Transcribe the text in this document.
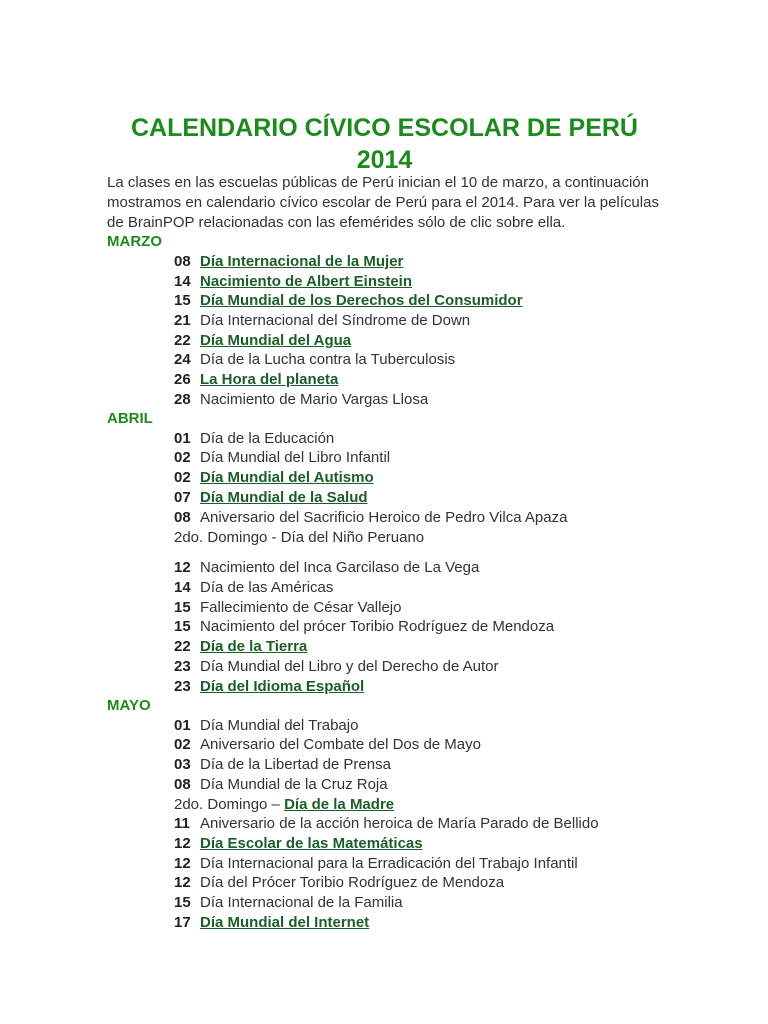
CALENDARIO CÍVICO ESCOLAR DE PERÚ 2014
La clases en las escuelas públicas de Perú inician el 10 de marzo, a continuación mostramos en calendario cívico escolar de Perú para el 2014. Para ver la películas de BrainPOP relacionadas con las efemérides sólo de clic sobre ella.
MARZO
08 Día Internacional de la Mujer
14 Nacimiento de Albert Einstein
15 Día Mundial de los Derechos del Consumidor
21 Día Internacional del Síndrome de Down
22 Día Mundial del Agua
24 Día de la Lucha contra la Tuberculosis
26 La Hora del planeta
28 Nacimiento de Mario Vargas Llosa
ABRIL
01 Día de la Educación
02 Día Mundial del Libro Infantil
02 Día Mundial del Autismo
07 Día Mundial de la Salud
08 Aniversario del Sacrificio Heroico de Pedro Vilca Apaza
2do. Domingo - Día del Niño Peruano
12 Nacimiento del Inca Garcilaso de La Vega
14 Día de las Américas
15 Fallecimiento de César Vallejo
15 Nacimiento del prócer Toribio Rodríguez de Mendoza
22 Día de la Tierra
23 Día Mundial del Libro y del Derecho de Autor
23 Día del Idioma Español
MAYO
01 Día Mundial del Trabajo
02 Aniversario del Combate del Dos de Mayo
03 Día de la Libertad de Prensa
08 Día Mundial de la Cruz Roja
2do. Domingo – Día de la Madre
11 Aniversario de la acción heroica de María Parado de Bellido
12 Día Escolar de las Matemáticas
12 Día Internacional para la Erradicación del Trabajo Infantil
12 Día del Prócer Toribio Rodríguez de Mendoza
15 Día Internacional de la Familia
17 Día Mundial del Internet
